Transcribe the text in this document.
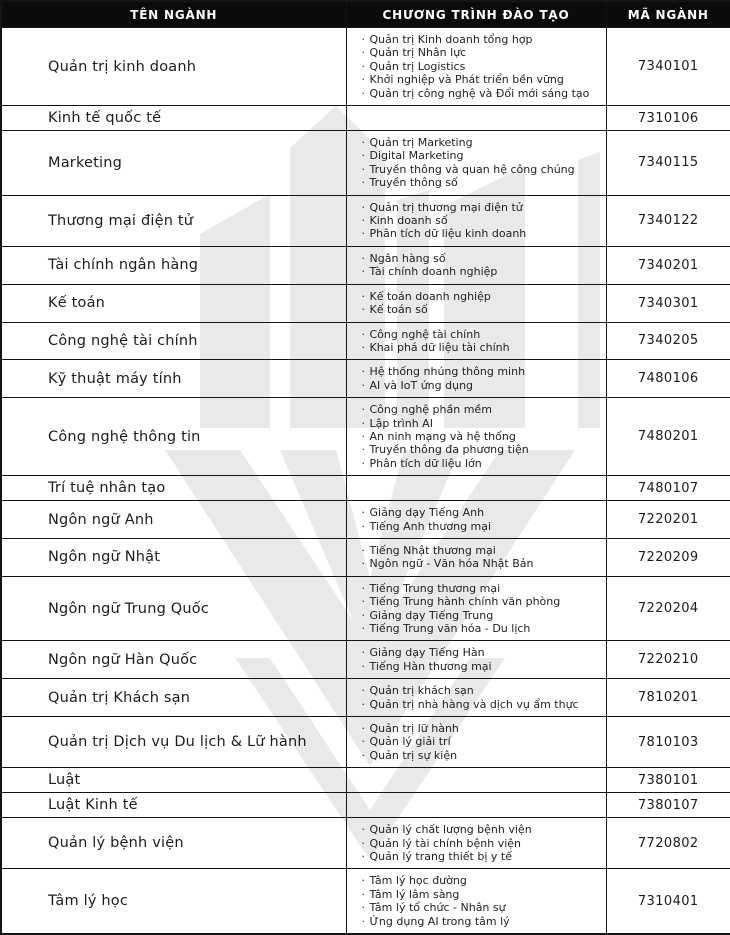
TÊN NGÀNH	CHƯƠNG TRÌNH ĐÀO TẠO	MÃ NGÀNH
Quản trị kinh doanh	· Quản trị Kinh doanh tổng hợp
· Quản trị Nhân lực
· Quản trị Logistics
· Khởi nghiệp và Phát triển bền vững
· Quản trị công nghệ và Đổi mới sáng tạo	7340101
Kinh tế quốc tế		7310106
Marketing	· Quản trị Marketing
· Digital Marketing
· Truyền thông và quan hệ công chúng
· Truyền thông số	7340115
Thương mại điện tử	· Quản trị thương mại điện tử
· Kinh doanh số
· Phân tích dữ liệu kinh doanh	7340122
Tài chính ngân hàng	· Ngân hàng số
· Tài chính doanh nghiệp	7340201
Kế toán	· Kế toán doanh nghiệp
· Kế toán số	7340301
Công nghệ tài chính	· Công nghệ tài chính
· Khai phá dữ liệu tài chính	7340205
Kỹ thuật máy tính	· Hệ thống nhúng thông minh
· AI và IoT ứng dụng	7480106
Công nghệ thông tin	· Công nghệ phần mềm
· Lập trình AI
· An ninh mạng và hệ thống
· Truyền thông đa phương tiện
· Phân tích dữ liệu lớn	7480201
Trí tuệ nhân tạo		7480107
Ngôn ngữ Anh	· Giảng dạy Tiếng Anh
· Tiếng Anh thương mại	7220201
Ngôn ngữ Nhật	· Tiếng Nhật thương mại
· Ngôn ngữ - Văn hóa Nhật Bản	7220209
Ngôn ngữ Trung Quốc	· Tiếng Trung thương mại
· Tiếng Trung hành chính văn phòng
· Giảng dạy Tiếng Trung
· Tiếng Trung văn hóa - Du lịch	7220204
Ngôn ngữ Hàn Quốc	· Giảng dạy Tiếng Hàn
· Tiếng Hàn thương mại	7220210
Quản trị Khách sạn	· Quản trị khách sạn
· Quản trị nhà hàng và dịch vụ ẩm thực	7810201
Quản trị Dịch vụ Du lịch & Lữ hành	· Quản trị lữ hành
· Quản lý giải trí
· Quản trị sự kiện	7810103
Luật		7380101
Luật Kinh tế		7380107
Quản lý bệnh viện	· Quản lý chất lượng bệnh viện
· Quản lý tài chính bệnh viện
· Quản lý trang thiết bị y tế	7720802
Tâm lý học	· Tâm lý học đường
· Tâm lý lâm sàng
· Tâm lý tổ chức - Nhân sự
· Ứng dụng AI trong tâm lý	7310401
